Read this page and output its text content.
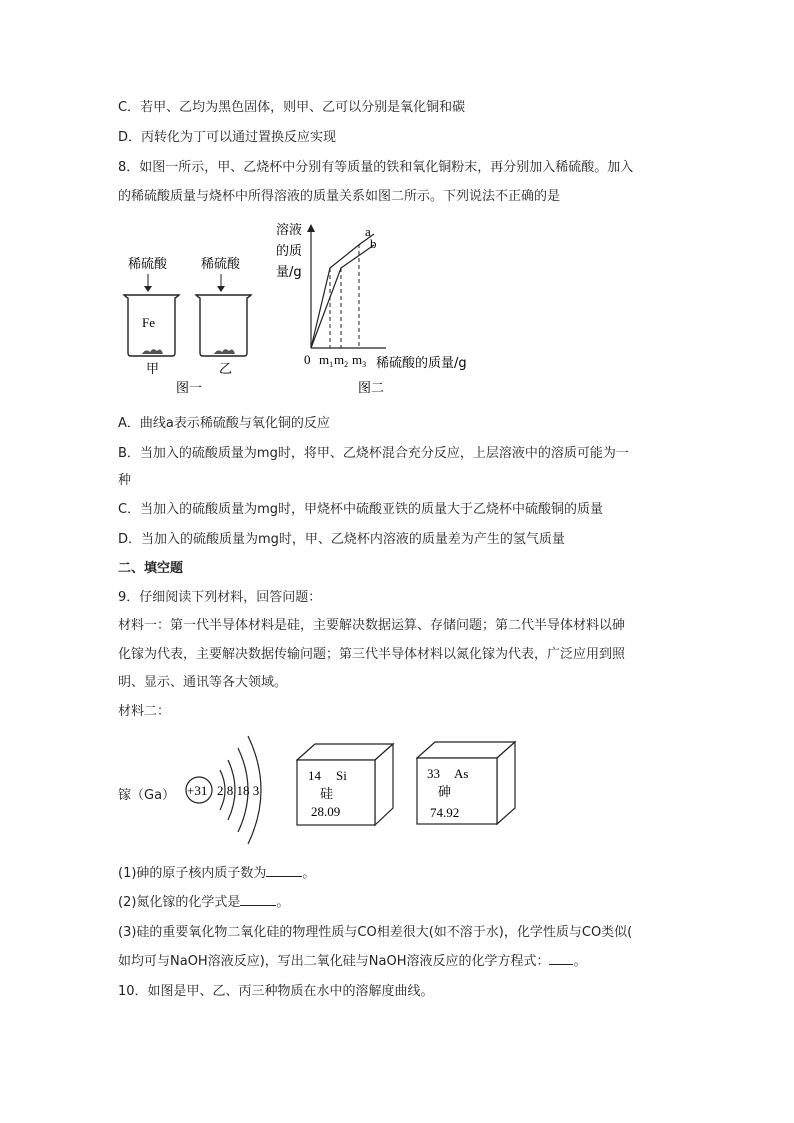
C．若甲、乙均为黑色固体，则甲、乙可以分别是氧化铜和碳
D．丙转化为丁可以通过置换反应实现
8．如图一所示，甲、乙烧杯中分别有等质量的铁和氧化铜粉末，再分别加入稀硫酸。加入
的稀硫酸质量与烧杯中所得溶液的质量关系如图二所示。下列说法不正确的是
稀硫酸	稀硫酸
Fe
甲	乙
图一
溶液
的质
量/g
a
b
0 $m_1$ $m_2$ $m_3$ 稀硫酸的质量/g
图二
A．曲线a表示稀硫酸与氧化铜的反应
B．当加入的硫酸质量为mg时，将甲、乙烧杯混合充分反应，上层溶液中的溶质可能为一
种
C．当加入的硫酸质量为mg时，甲烧杯中硫酸亚铁的质量大于乙烧杯中硫酸铜的质量
D．当加入的硫酸质量为mg时，甲、乙烧杯内溶液的质量差为产生的氢气质量
二、填空题
9．仔细阅读下列材料，回答问题：
材料一：第一代半导体材料是硅，主要解决数据运算、存储问题；第二代半导体材料以砷
化镓为代表，主要解决数据传输问题；第三代半导体材料以氮化镓为代表，广泛应用到照
明、显示、通讯等各大领域。
材料二：
镓（Ga） +31 2 8 18 3
14 Si
硅
28.09
33 As
砷
74.92
(1)砷的原子核内质子数为	。
(2)氮化镓的化学式是	。
(3)硅的重要氧化物二氧化硅的物理性质与CO相差很大(如不溶于水)，化学性质与CO类似(
如均可与NaOH溶液反应)，写出二氧化硅与NaOH溶液反应的化学方程式： 。
10．如图是甲、乙、丙三种物质在水中的溶解度曲线。
